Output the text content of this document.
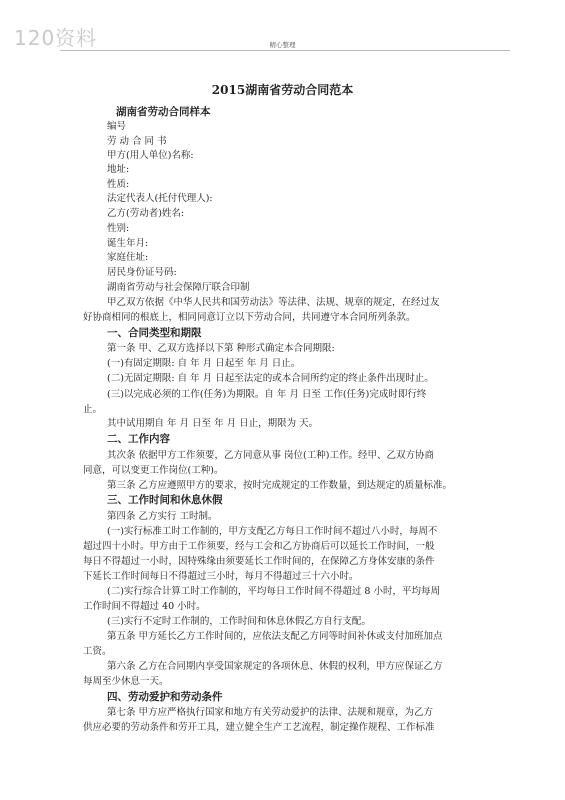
120资料	精心整理
2015湖南省劳动合同范本
湖南省劳动合同样本
编号
劳 动 合 同 书
甲方(用人单位)名称:
地址:
性质:
法定代表人(托付代理人):
乙方(劳动者)姓名:
性别:
诞生年月:
家庭住址:
居民身份证号码:
湖南省劳动与社会保障厅联合印制
甲乙双方依据《中华人民共和国劳动法》等法律、法规、规章的规定，在经过友
好协商相同的根底上，相同同意订立以下劳动合同，共同遵守本合同所列条款。
一、合同类型和期限
第一条 甲、乙双方选择以下第 种形式确定本合同期限:
(一)有固定期限: 自 年 月 日起至 年 月 日止。
(二)无固定期限: 自 年 月 日起至法定的或本合同所约定的终止条件出现时止。
(三)以完成必须的工作(任务)为期限。自 年 月 日至 工作(任务)完成时即行终
止。
其中试用期自 年 月 日至 年 月 日止，期限为 天。
二、工作内容
其次条 依据甲方工作须要，乙方同意从事 岗位(工种)工作。经甲、乙双方协商
同意，可以变更工作岗位(工种)。
第三条 乙方应遵照甲方的要求，按时完成规定的工作数量，到达规定的质量标准。
三、工作时间和休息休假
第四条 乙方实行 工时制。
(一)实行标准工时工作制的，甲方支配乙方每日工作时间不超过八小时，每周不
超过四十小时。甲方由于工作须要，经与工会和乙方协商后可以延长工作时间，一般
每日不得超过一小时，因特殊缘由须要延长工作时间的，在保障乙方身体安康的条件
下延长工作时间每日不得超过三小时，每月不得超过三十六小时。
(二)实行综合计算工时工作制的，平均每日工作时间不得超过 8 小时，平均每周
工作时间不得超过 40 小时。
(三)实行不定时工作制的，工作时间和休息休假乙方自行支配。
第五条 甲方延长乙方工作时间的，应依法支配乙方同等时间补休或支付加班加点
工资。
第六条 乙方在合同期内享受国家规定的各项休息、休假的权利，甲方应保证乙方
每周至少休息一天。
四、劳动爱护和劳动条件
第七条 甲方应严格执行国家和地方有关劳动爱护的法律、法规和规章，为乙方
供应必要的劳动条件和劳开工具，建立健全生产工艺流程，制定操作规程、工作标准
